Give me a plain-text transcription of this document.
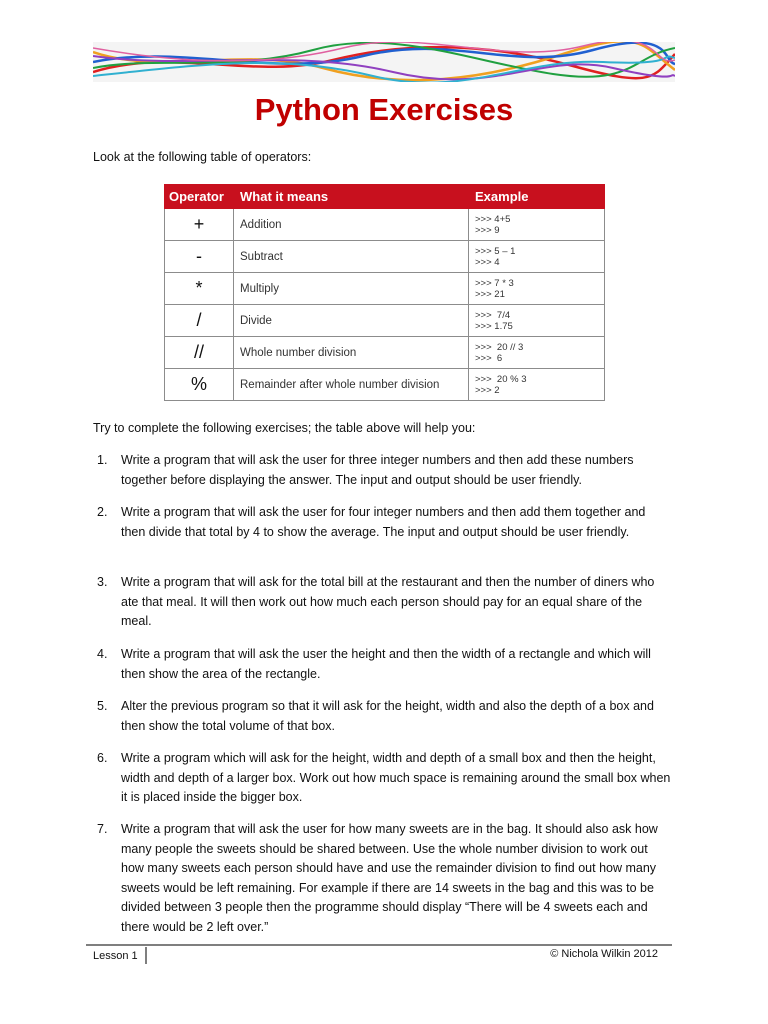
Python Exercises
Look at the following table of operators:
Operator	What it means	Example
+	Addition	>>> 4+5
>>> 9

-	Subtract	>>> 5 – 1
>>> 4

*	Multiply	>>> 7 * 3
>>> 21

/	Divide	>>>  7/4
>>> 1.75

//	Whole number division	>>>  20 // 3
>>>  6

%	Remainder after whole number division	>>>  20 % 3
>>> 2
Try to complete the following exercises; the table above will help you:
1. Write a program that will ask the user for three integer numbers and then add these numbers together before displaying the answer. The input and output should be user friendly.
2. Write a program that will ask the user for four integer numbers and then add them together and then divide that total by 4 to show the average. The input and output should be user friendly.
3. Write a program that will ask for the total bill at the restaurant and then the number of diners who ate that meal. It will then work out how much each person should pay for an equal share of the meal.
4. Write a program that will ask the user the height and then the width of a rectangle and which will then show the area of the rectangle.
5. Alter the previous program so that it will ask for the height, width and also the depth of a box and then show the total volume of that box.
6. Write a program which will ask for the height, width and depth of a small box and then the height, width and depth of a larger box. Work out how much space is remaining around the small box when it is placed inside the bigger box.
7. Write a program that will ask the user for how many sweets are in the bag. It should also ask how many people the sweets should be shared between. Use the whole number division to work out how many sweets each person should have and use the remainder division to find out how many sweets would be left remaining. For example if there are 14 sweets in the bag and this was to be divided between 3 people then the programme should display “There will be 4 sweets each and there would be 2 left over.”
Lesson 1	© Nichola Wilkin 2012
